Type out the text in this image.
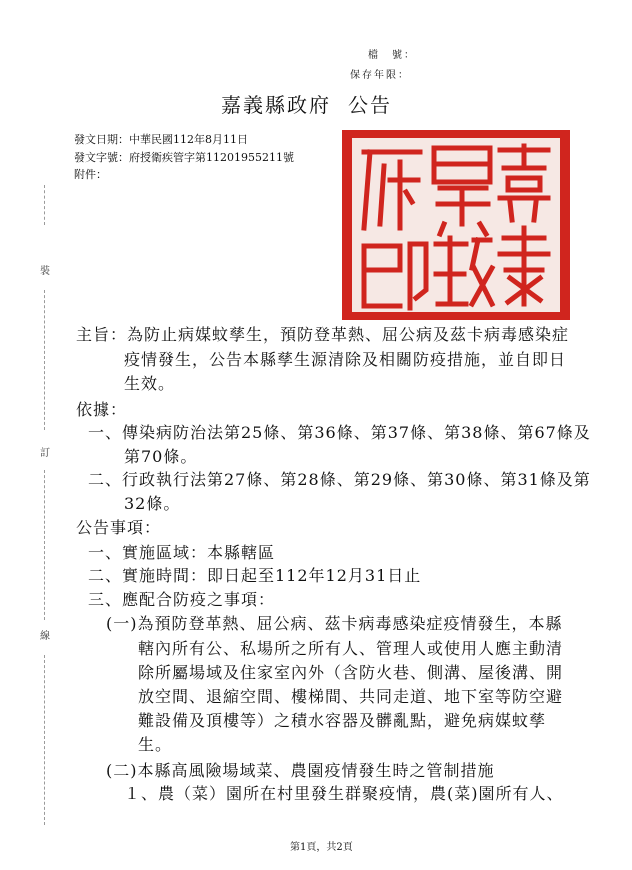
檔　號：
保存年限：
嘉義縣政府 公告
發文日期：中華民國112年8月11日
發文字號：府授衛疾管字第11201955211號
附件：
裝
訂
線
主旨：為防止病媒蚊孳生，預防登革熱、屈公病及茲卡病毒感染症
疫情發生，公告本縣孳生源清除及相關防疫措施，並自即日
生效。
依據：
一、傳染病防治法第25條、第36條、第37條、第38條、第67條及
第70條。
二、行政執行法第27條、第28條、第29條、第30條、第31條及第
32條。
公告事項：
一、實施區域：本縣轄區
二、實施時間：即日起至112年12月31日止
三、應配合防疫之事項：
(一)為預防登革熱、屈公病、茲卡病毒感染症疫情發生，本縣
轄內所有公、私場所之所有人、管理人或使用人應主動清
除所屬場域及住家室內外（含防火巷、側溝、屋後溝、開
放空間、退縮空間、樓梯間、共同走道、地下室等防空避
難設備及頂樓等）之積水容器及髒亂點，避免病媒蚊孳
生。
(二)本縣高風險場域菜、農園疫情發生時之管制措施
１、農（菜）園所在村里發生群聚疫情，農(菜)園所有人、
第1頁，共2頁
